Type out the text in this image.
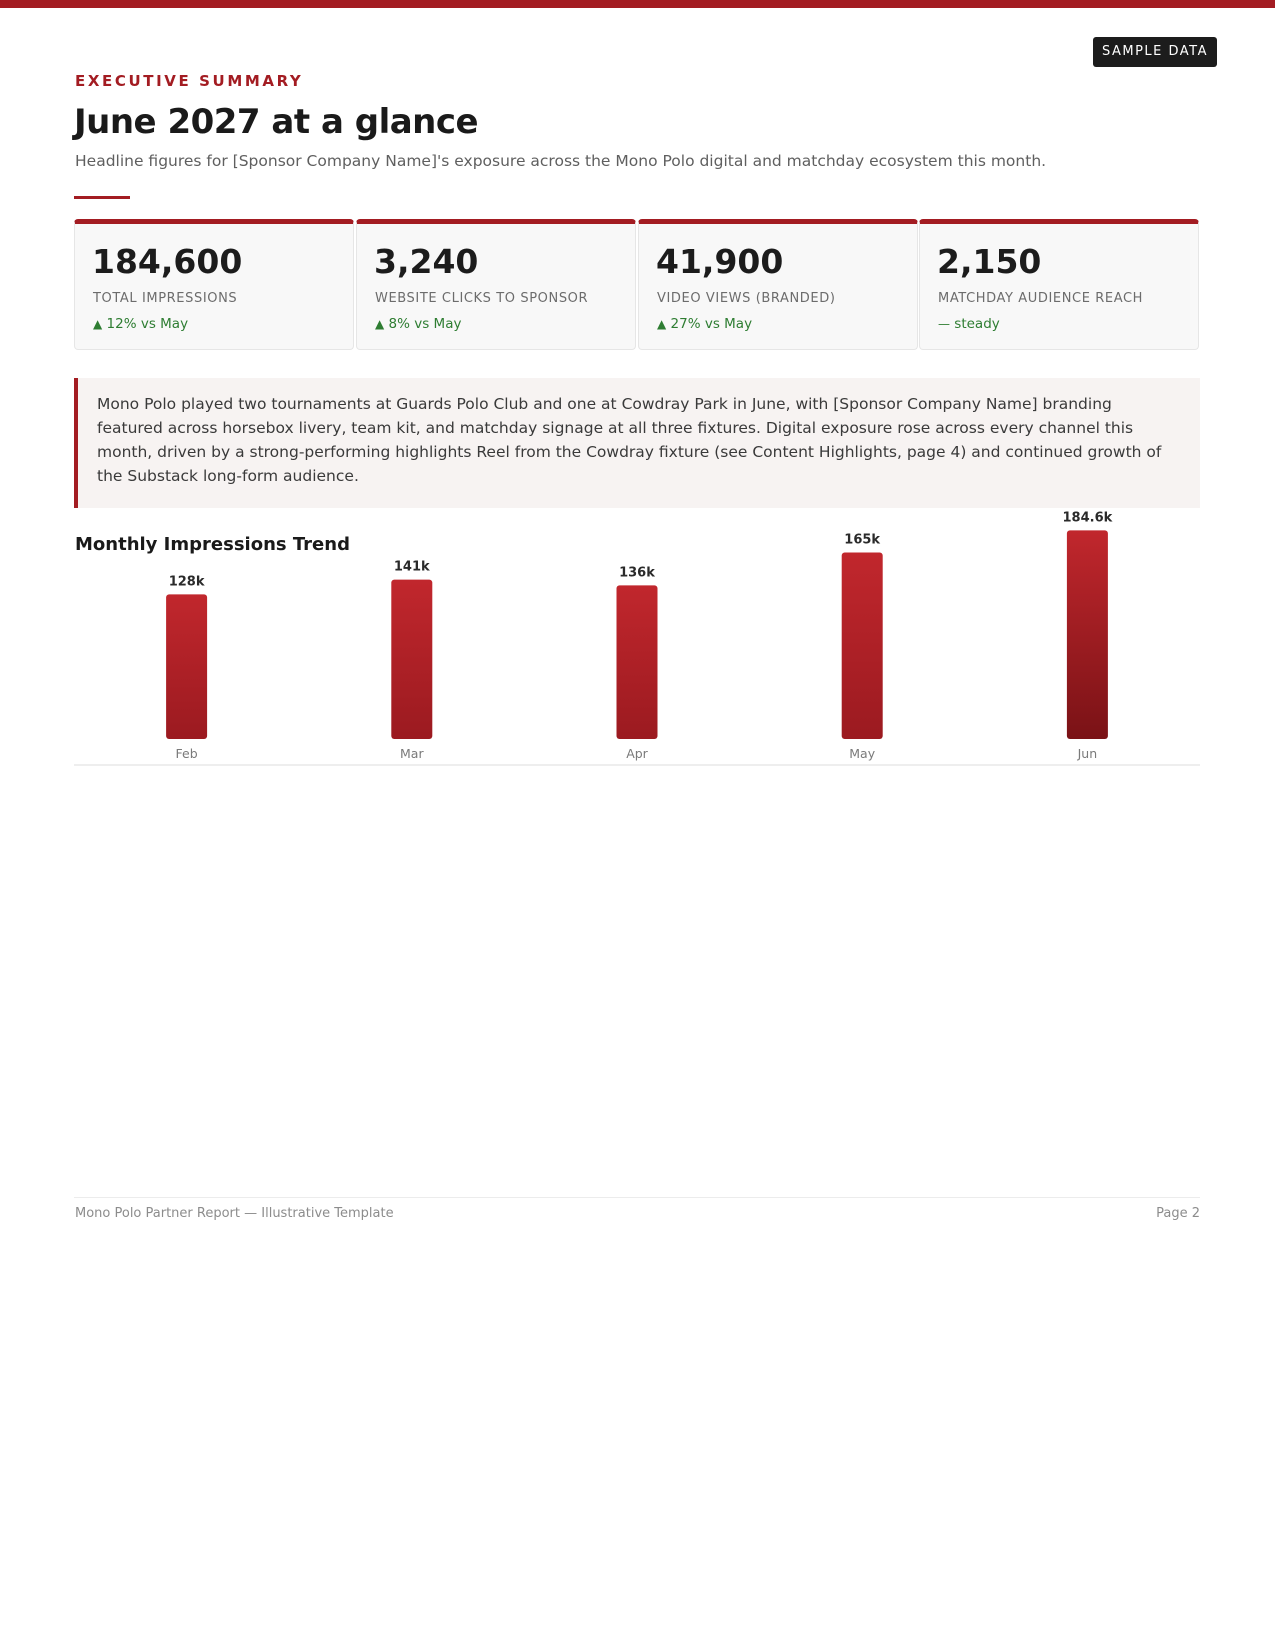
SAMPLE DATA
EXECUTIVE SUMMARY
June 2027 at a glance
Headline figures for [Sponsor Company Name]'s exposure across the Mono Polo digital and matchday ecosystem this month.
184,600
TOTAL IMPRESSIONS
▲ 12% vs May
3,240
WEBSITE CLICKS TO SPONSOR
▲ 8% vs May
41,900
VIDEO VIEWS (BRANDED)
▲ 27% vs May
2,150
MATCHDAY AUDIENCE REACH
— steady
Mono Polo played two tournaments at Guards Polo Club and one at Cowdray Park in June, with [Sponsor Company Name] branding featured across horsebox livery, team kit, and matchday signage at all three fixtures. Digital exposure rose across every channel this month, driven by a strong-performing highlights Reel from the Cowdray fixture (see Content Highlights, page 4) and continued growth of the Substack long-form audience.
Monthly Impressions Trend
128k
Feb
141k
Mar
136k
Apr
165k
May
184.6k
Jun
Mono Polo Partner Report — Illustrative Template	Page 2
